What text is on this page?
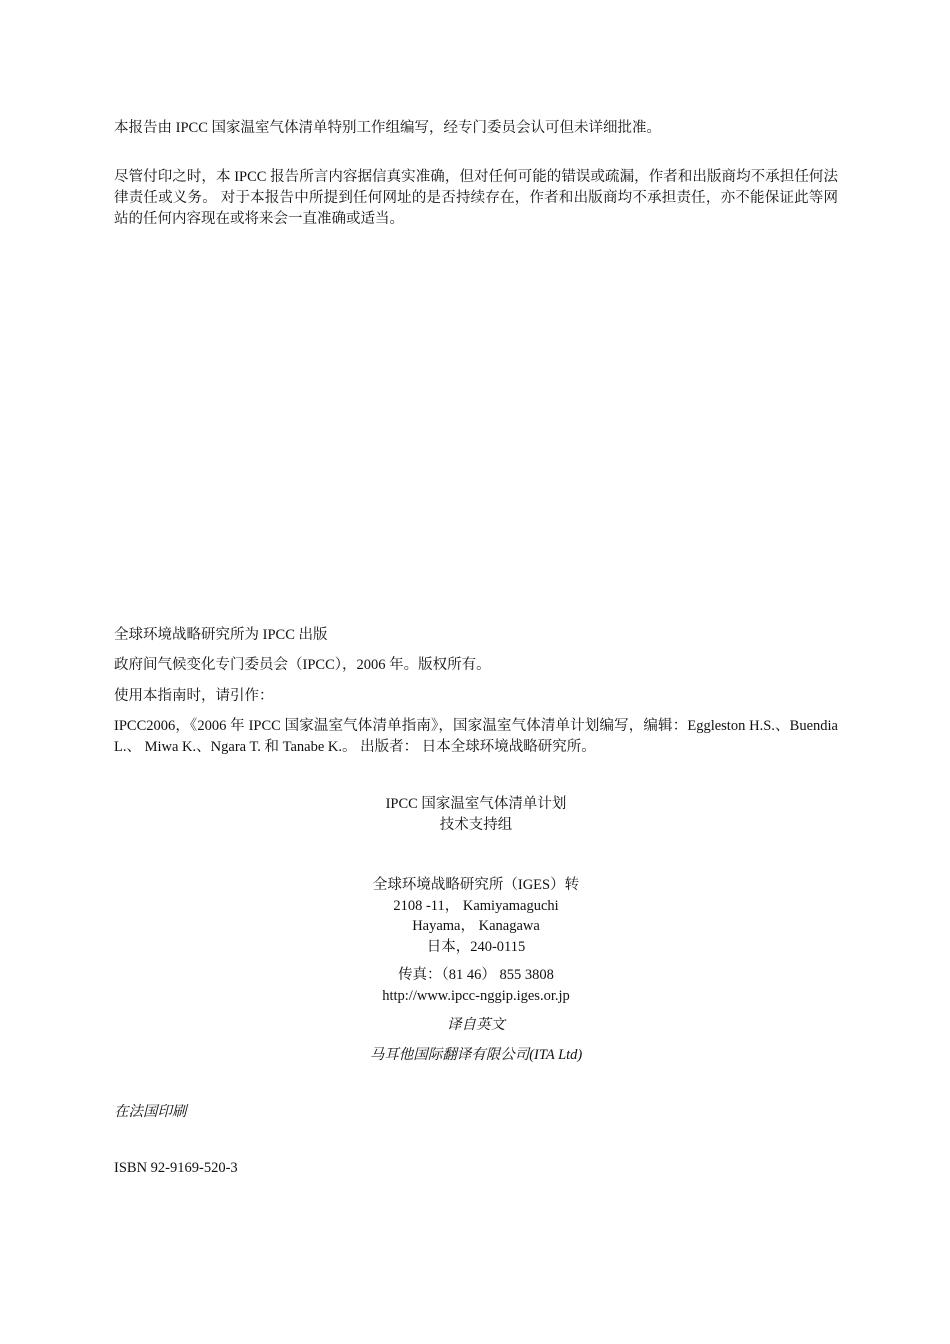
本报告由 IPCC 国家温室气体清单特别工作组编写，经专门委员会认可但未详细批准。

尽管付印之时，本 IPCC 报告所言内容据信真实准确，但对任何可能的错误或疏漏，作者和出版商均不承担任何法律责任或义务。 对于本报告中所提到任何网址的是否持续存在，作者和出版商均不承担责任，亦不能保证此等网站的任何内容现在或将来会一直准确或适当。

全球环境战略研究所为 IPCC 出版

政府间气候变化专门委员会（IPCC），2006 年。版权所有。

使用本指南时，请引作：

IPCC2006，《2006 年 IPCC 国家温室气体清单指南》，国家温室气体清单计划编写，编辑：Eggleston H.S.、Buendia L.、 Miwa K.、Ngara T. 和 Tanabe K.。 出版者： 日本全球环境战略研究所。

IPCC 国家温室气体清单计划
技术支持组
全球环境战略研究所（IGES）转
2108 -11， Kamiyamaguchi
Hayama， Kanagawa
日本，240-0115
传真：（81 46） 855 3808
http://www.ipcc-nggip.iges.or.jp
译自英文
马耳他国际翻译有限公司(ITA Ltd)

在法国印刷

ISBN 92-9169-520-3
